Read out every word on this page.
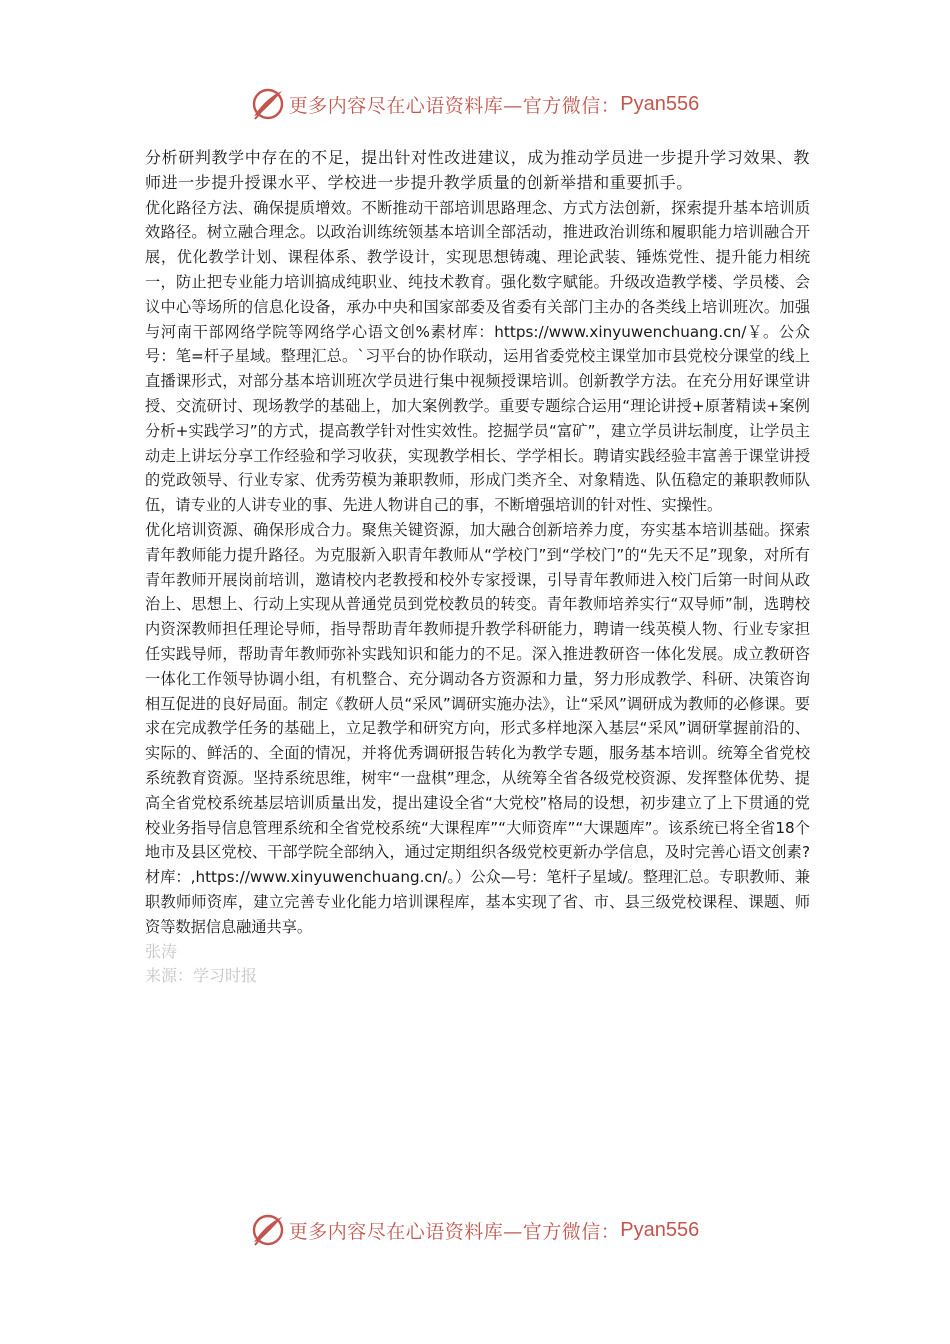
更多内容尽在心语资料库—官方微信： Pyan556

分析研判教学中存在的不足，提出针对性改进建议，成为推动学员进一步提升学习效果、教师进一步提升授课水平、学校进一步提升教学质量的创新举措和重要抓手。

优化路径方法、确保提质增效。不断推动干部培训思路理念、方式方法创新，探索提升基本培训质效路径。树立融合理念。以政治训练统领基本培训全部活动，推进政治训练和履职能力培训融合开展，优化教学计划、课程体系、教学设计，实现思想铸魂、理论武装、锤炼党性、提升能力相统一，防止把专业能力培训搞成纯职业、纯技术教育。强化数字赋能。升级改造教学楼、学员楼、会议中心等场所的信息化设备，承办中央和国家部委及省委有关部门主办的各类线上培训班次。加强与河南干部网络学院等网络学心语文创%素材库：https://www.xinyuwenchuang.cn/￥。公众号：笔=杆子星域。整理汇总。`习平台的协作联动，运用省委党校主课堂加市县党校分课堂的线上直播课形式，对部分基本培训班次学员进行集中视频授课培训。创新教学方法。在充分用好课堂讲授、交流研讨、现场教学的基础上，加大案例教学。重要专题综合运用“理论讲授+原著精读+案例分析+实践学习”的方式，提高教学针对性实效性。挖掘学员“富矿”，建立学员讲坛制度，让学员主动走上讲坛分享工作经验和学习收获，实现教学相长、学学相长。聘请实践经验丰富善于课堂讲授的党政领导、行业专家、优秀劳模为兼职教师，形成门类齐全、对象精选、队伍稳定的兼职教师队伍，请专业的人讲专业的事、先进人物讲自己的事，不断增强培训的针对性、实操性。

优化培训资源、确保形成合力。聚焦关键资源，加大融合创新培养力度，夯实基本培训基础。探索青年教师能力提升路径。为克服新入职青年教师从“学校门”到“学校门”的“先天不足”现象，对所有青年教师开展岗前培训，邀请校内老教授和校外专家授课，引导青年教师进入校门后第一时间从政治上、思想上、行动上实现从普通党员到党校教员的转变。青年教师培养实行“双导师”制，选聘校内资深教师担任理论导师，指导帮助青年教师提升教学科研能力，聘请一线英模人物、行业专家担任实践导师，帮助青年教师弥补实践知识和能力的不足。深入推进教研咨一体化发展。成立教研咨一体化工作领导协调小组，有机整合、充分调动各方资源和力量，努力形成教学、科研、决策咨询相互促进的良好局面。制定《教研人员“采风”调研实施办法》，让“采风”调研成为教师的必修课。要求在完成教学任务的基础上，立足教学和研究方向，形式多样地深入基层“采风”调研掌握前沿的、实际的、鲜活的、全面的情况，并将优秀调研报告转化为教学专题，服务基本培训。统筹全省党校系统教育资源。坚持系统思维，树牢“一盘棋”理念，从统筹全省各级党校资源、发挥整体优势、提高全省党校系统基层培训质量出发，提出建设全省“大党校”格局的设想，初步建立了上下贯通的党校业务指导信息管理系统和全省党校系统“大课程库”“大师资库”“大课题库”。该系统已将全省18个地市及县区党校、干部学院全部纳入，通过定期组织各级党校更新办学信息，及时完善心语文创素?材库：,https://www.xinyuwenchuang.cn/。）公众—号：笔杆子星域/。整理汇总。专职教师、兼职教师师资库，建立完善专业化能力培训课程库，基本实现了省、市、县三级党校课程、课题、师资等数据信息融通共享。

张涛

来源：学习时报

更多内容尽在心语资料库—官方微信： Pyan556
